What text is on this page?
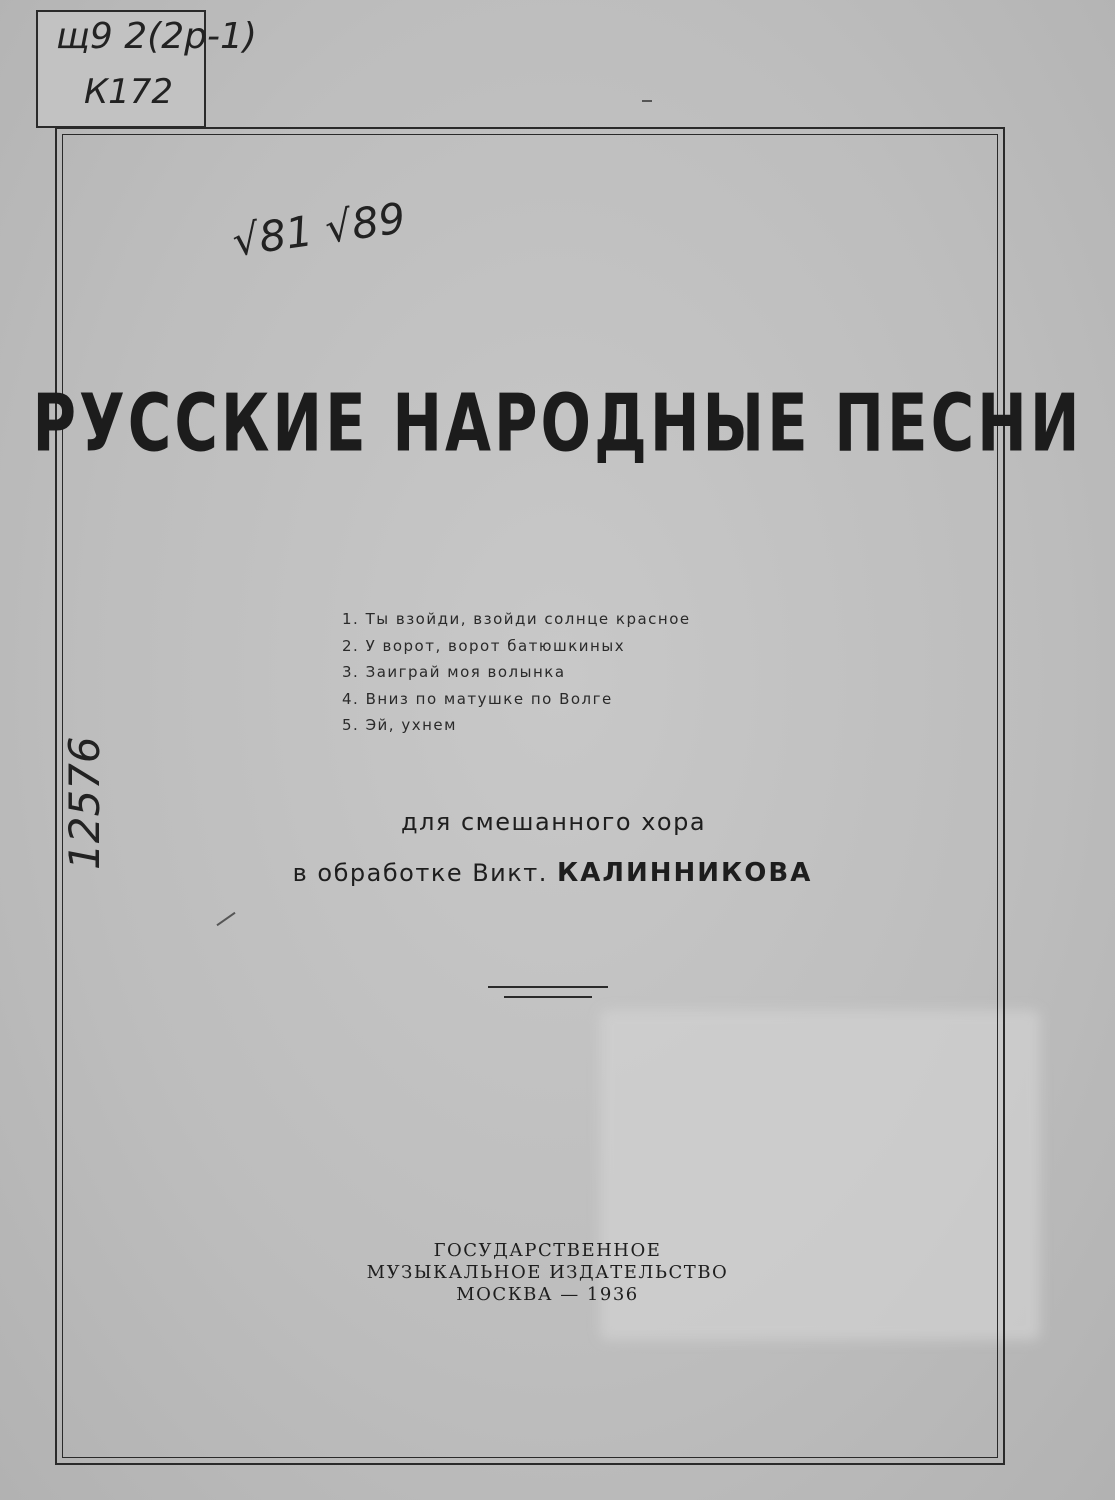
щ9 2(2р-1)
К172
√81 √89
12576
РУССКИЕ НАРОДНЫЕ ПЕСНИ
1. Ты взойди, взойди солнце красное
2. У ворот, ворот батюшкиных
3. Заиграй моя волынка
4. Вниз по матушке по Волге
5. Эй, ухнем
для смешанного хора
в обработке Викт. КАЛИННИКОВА
ГОСУДАРСТВЕННОЕ
МУЗЫКАЛЬНОЕ ИЗДАТЕЛЬСТВО
МОСКВА — 1936
